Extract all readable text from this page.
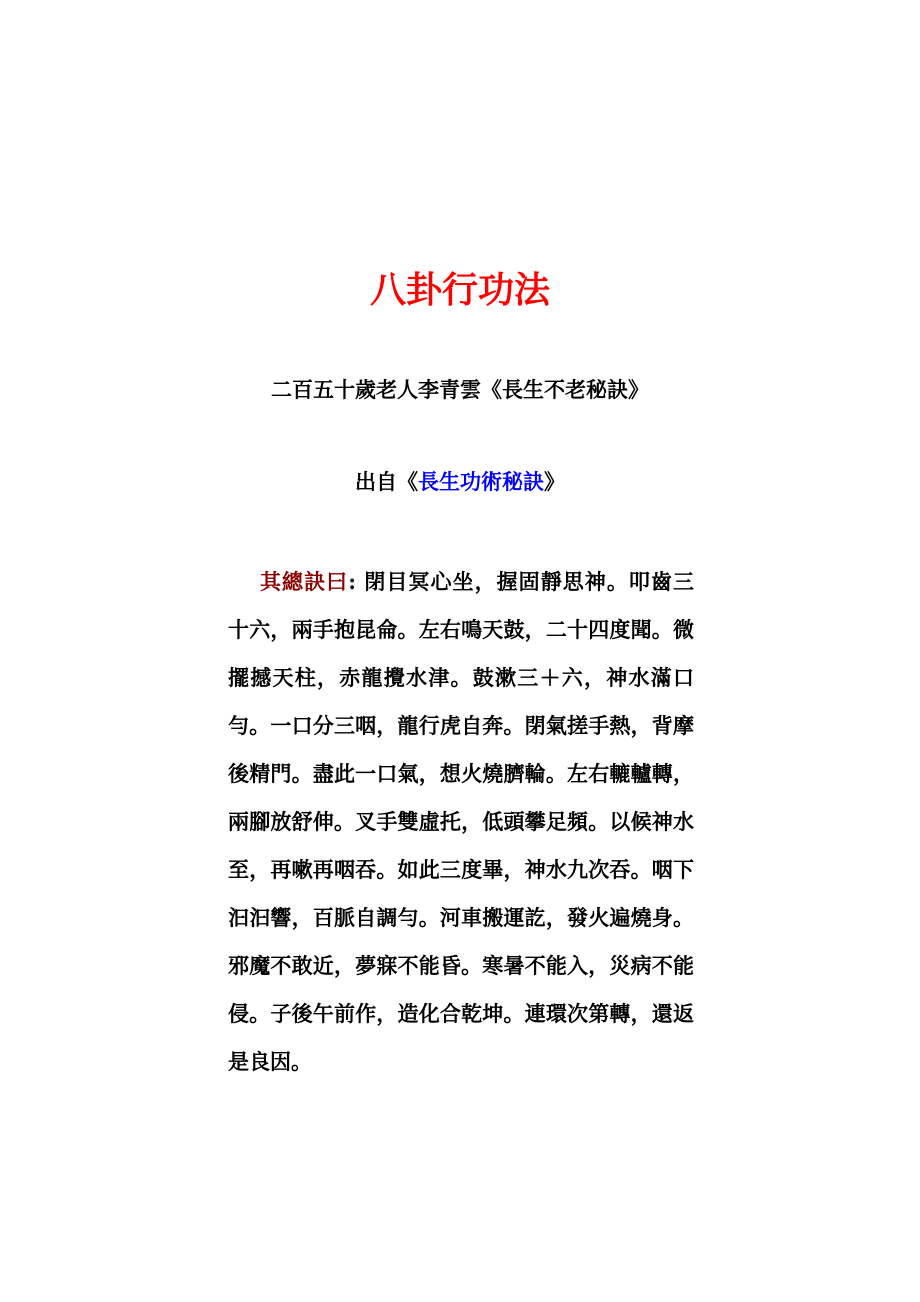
八卦行功法

二百五十歲老人李青雲《長生不老秘訣》

出自《長生功術秘訣》

其總訣曰: 閉目冥心坐，握固靜思神。叩齒三十六，兩手抱昆侖。左右鳴天鼓，二十四度聞。微擺撼天柱，赤龍攪水津。鼓漱三＋六，神水滿口勻。一口分三咽，龍行虎自奔。閉氣搓手熱，背摩後精門。盡此一口氣，想火燒臍輪。左右轆轤轉，兩腳放舒伸。叉手雙虛托，低頭攀足頻。以候神水至，再嗽再咽吞。如此三度畢，神水九次吞。咽下汩汩響，百脈自調勻。河車搬運訖，發火遍燒身。邪魔不敢近，夢寐不能昏。寒暑不能入，災病不能侵。子後午前作，造化合乾坤。連環次第轉，還返是良因。
